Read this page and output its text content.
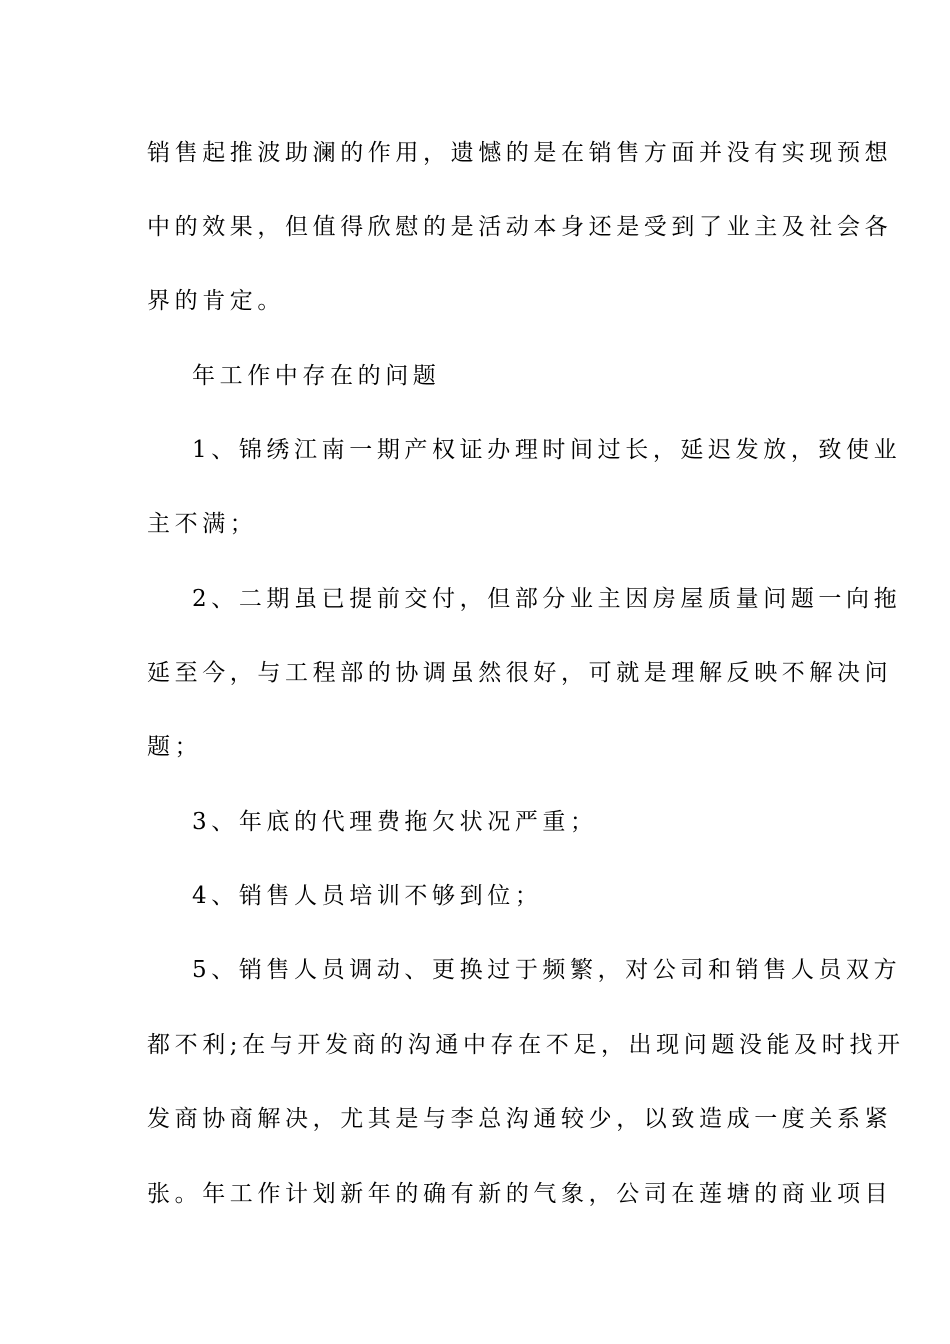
销售起推波助澜的作用，遗憾的是在销售方面并没有实现预想
中的效果，但值得欣慰的是活动本身还是受到了业主及社会各
界的肯定。
年工作中存在的问题
1、锦绣江南一期产权证办理时间过长，延迟发放，致使业
主不满；
2、二期虽已提前交付，但部分业主因房屋质量问题一向拖
延至今，与工程部的协调虽然很好，可就是理解反映不解决问
题；
3、年底的代理费拖欠状况严重；
4、销售人员培训不够到位；
5、销售人员调动、更换过于频繁，对公司和销售人员双方
都不利;在与开发商的沟通中存在不足，出现问题没能及时找开
发商协商解决，尤其是与李总沟通较少，以致造成一度关系紧
张。年工作计划新年的确有新的气象，公司在莲塘的商业项目
